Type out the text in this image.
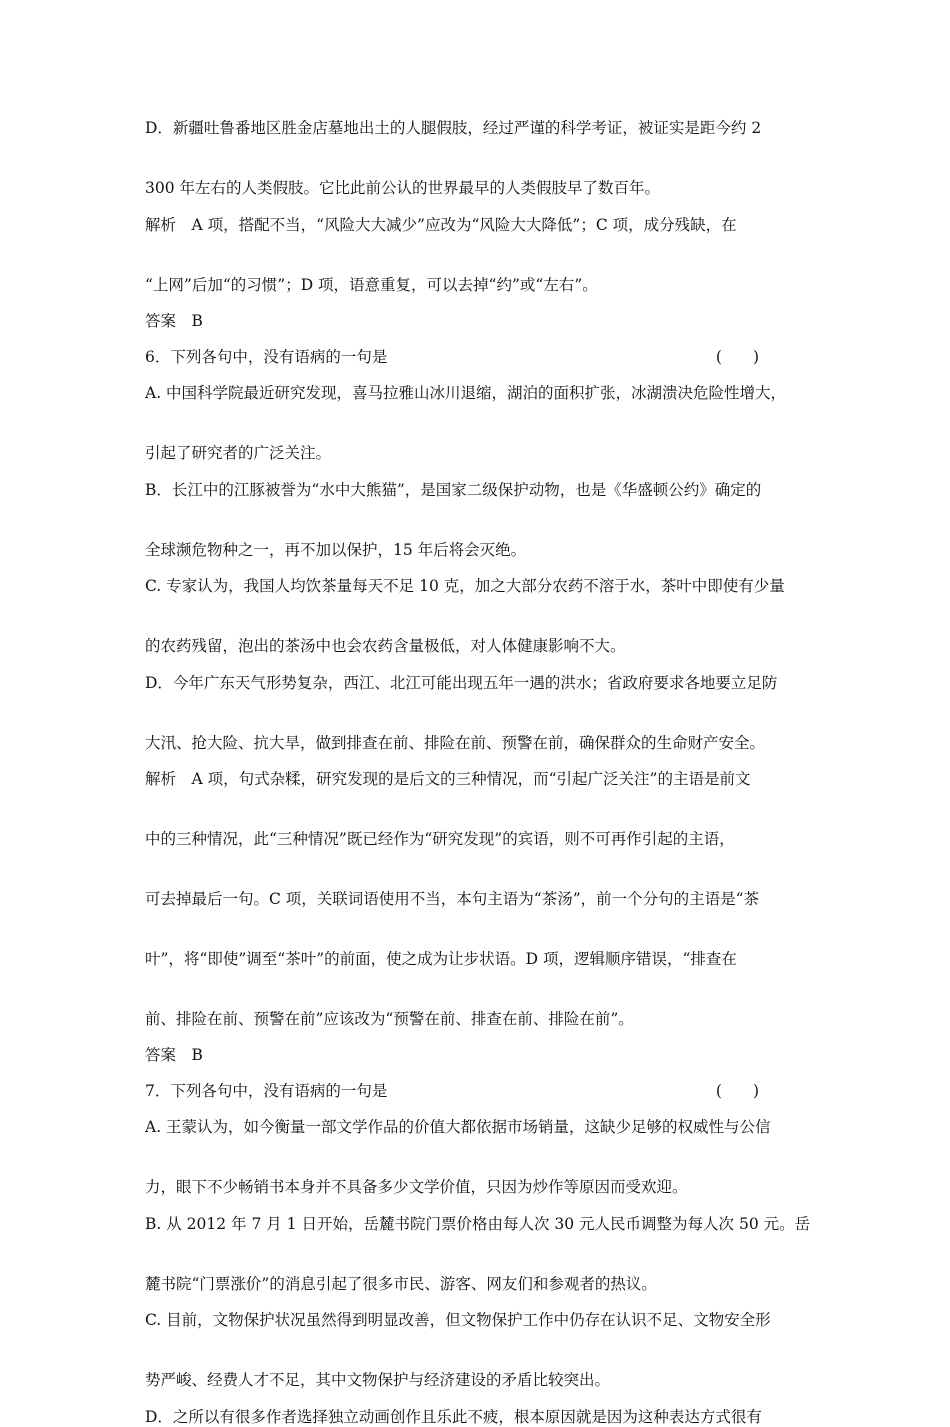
D．新疆吐鲁番地区胜金店墓地出土的人腿假肢，经过严谨的科学考证，被证实是距今约 2
300 年左右的人类假肢。它比此前公认的世界最早的人类假肢早了数百年。
解析　A 项，搭配不当，“风险大大减少”应改为“风险大大降低”；C 项，成分残缺，在
“上网”后加“的习惯”；D 项，语意重复，可以去掉“约”或“左右”。
答案　B
6．下列各句中，没有语病的一句是	(　　)
A. 中国科学院最近研究发现，喜马拉雅山冰川退缩，湖泊的面积扩张，冰湖溃决危险性增大，
引起了研究者的广泛关注。
B．长江中的江豚被誉为“水中大熊猫”，是国家二级保护动物，也是《华盛顿公约》确定的
全球濒危物种之一，再不加以保护，15 年后将会灭绝。
C. 专家认为，我国人均饮茶量每天不足 10 克，加之大部分农药不溶于水，茶叶中即使有少量
的农药残留，泡出的茶汤中也会农药含量极低，对人体健康影响不大。
D．今年广东天气形势复杂，西江、北江可能出现五年一遇的洪水；省政府要求各地要立足防
大汛、抢大险、抗大旱，做到排查在前、排险在前、预警在前，确保群众的生命财产安全。
解析　A 项，句式杂糅，研究发现的是后文的三种情况，而“引起广泛关注”的主语是前文
中的三种情况，此“三种情况”既已经作为“研究发现”的宾语，则不可再作引起的主语，
可去掉最后一句。C 项，关联词语使用不当，本句主语为“茶汤”，前一个分句的主语是“茶
叶”，将“即使”调至“茶叶”的前面，使之成为让步状语。D 项，逻辑顺序错误，“排查在
前、排险在前、预警在前”应该改为“预警在前、排查在前、排险在前”。
答案　B
7．下列各句中，没有语病的一句是	(　　)
A. 王蒙认为，如今衡量一部文学作品的价值大都依据市场销量，这缺少足够的权威性与公信
力，眼下不少畅销书本身并不具备多少文学价值，只因为炒作等原因而受欢迎。
B. 从 2012 年 7 月 1 日开始，岳麓书院门票价格由每人次 30 元人民币调整为每人次 50 元。岳
麓书院“门票涨价”的消息引起了很多市民、游客、网友们和参观者的热议。
C. 目前，文物保护状况虽然得到明显改善，但文物保护工作中仍存在认识不足、文物安全形
势严峻、经费人才不足，其中文物保护与经济建设的矛盾比较突出。
D．之所以有很多作者选择独立动画创作且乐此不疲，根本原因就是因为这种表达方式很有
